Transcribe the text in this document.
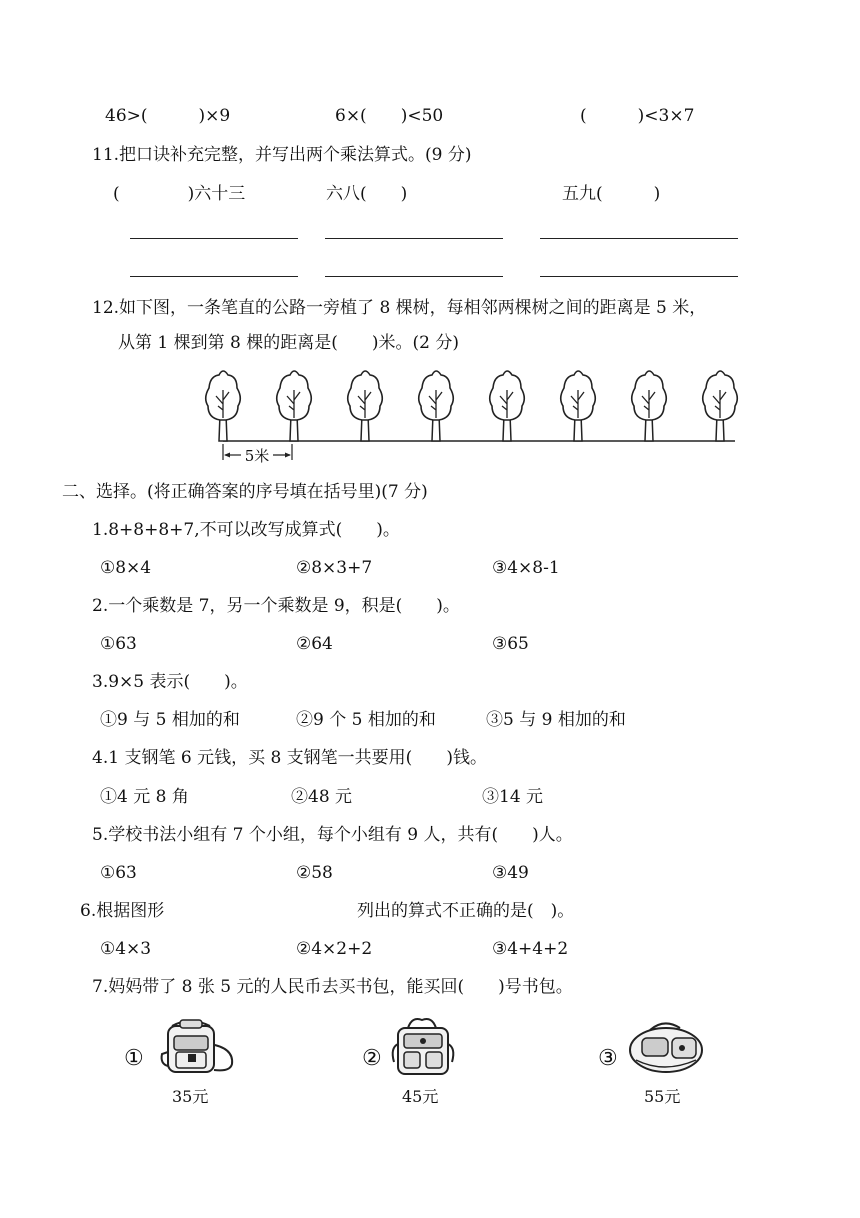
46>(　　　)×9	6×(　　)<50	(　　　)<3×7
11.把口诀补充完整，并写出两个乘法算式。(9 分)
(　　　　)六十三	六八(　　)	五九(　　　)
12.如下图，一条笔直的公路一旁植了 8 棵树，每相邻两棵树之间的距离是 5 米，
从第 1 棵到第 8 棵的距离是(　　)米。(2 分)
5米
二、选择。(将正确答案的序号填在括号里)(7 分)
1.8+8+8+7,不可以改写成算式(　　)。
①8×4	②8×3+7	③4×8-1
2.一个乘数是 7，另一个乘数是 9，积是(　　)。
①63	②64	③65
3.9×5 表示(　　)。
①9 与 5 相加的和	②9 个 5 相加的和	③5 与 9 相加的和
4.1 支钢笔 6 元钱，买 8 支钢笔一共要用(　　)钱。
①4 元 8 角	②48 元	③14 元
5.学校书法小组有 7 个小组，每个小组有 9 人，共有(　　)人。
①63	②58	③49
6.根据图形	列出的算式不正确的是(　)。
①4×3	②4×2+2	③4+4+2
7.妈妈带了 8 张 5 元的人民币去买书包，能买回(　　)号书包。
①
35元
②
45元
③
55元
